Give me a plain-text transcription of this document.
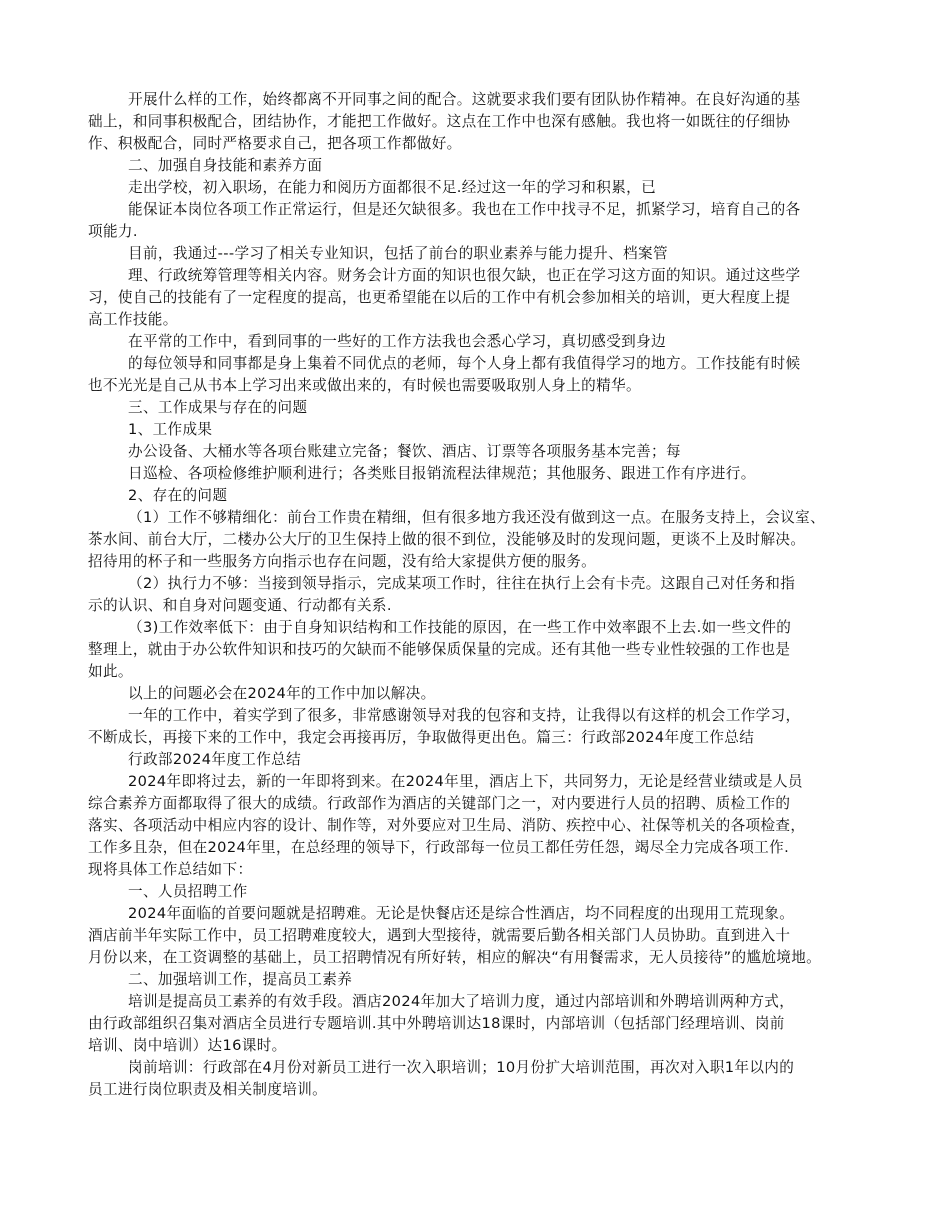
开展什么样的工作，始终都离不开同事之间的配合。这就要求我们要有团队协作精神。在良好沟通的基
础上，和同事积极配合，团结协作，才能把工作做好。这点在工作中也深有感触。我也将一如既往的仔细协
作、积极配合，同时严格要求自己，把各项工作都做好。
二、加强自身技能和素养方面
走出学校，初入职场，在能力和阅历方面都很不足.经过这一年的学习和积累，已
能保证本岗位各项工作正常运行，但是还欠缺很多。我也在工作中找寻不足，抓紧学习，培育自己的各
项能力.
目前，我通过---学习了相关专业知识，包括了前台的职业素养与能力提升、档案管
理、行政统筹管理等相关内容。财务会计方面的知识也很欠缺，也正在学习这方面的知识。通过这些学
习，使自己的技能有了一定程度的提高，也更希望能在以后的工作中有机会参加相关的培训，更大程度上提
高工作技能。
在平常的工作中，看到同事的一些好的工作方法我也会悉心学习，真切感受到身边
的每位领导和同事都是身上集着不同优点的老师，每个人身上都有我值得学习的地方。工作技能有时候
也不光光是自己从书本上学习出来或做出来的，有时候也需要吸取别人身上的精华。
三、工作成果与存在的问题
1、工作成果
办公设备、大桶水等各项台账建立完备；餐饮、酒店、订票等各项服务基本完善；每
日巡检、各项检修维护顺利进行；各类账目报销流程法律规范；其他服务、跟进工作有序进行。
2、存在的问题
（1）工作不够精细化：前台工作贵在精细，但有很多地方我还没有做到这一点。在服务支持上，会议室、
茶水间、前台大厅，二楼办公大厅的卫生保持上做的很不到位，没能够及时的发现问题，更谈不上及时解决。
招待用的杯子和一些服务方向指示也存在问题，没有给大家提供方便的服务。
（2）执行力不够：当接到领导指示，完成某项工作时，往往在执行上会有卡壳。这跟自己对任务和指
示的认识、和自身对问题变通、行动都有关系.
（3)工作效率低下：由于自身知识结构和工作技能的原因，在一些工作中效率跟不上去.如一些文件的
整理上，就由于办公软件知识和技巧的欠缺而不能够保质保量的完成。还有其他一些专业性较强的工作也是
如此。
以上的问题必会在2024年的工作中加以解决。
一年的工作中，着实学到了很多，非常感谢领导对我的包容和支持，让我得以有这样的机会工作学习，
不断成长，再接下来的工作中，我定会再接再厉，争取做得更出色。篇三：行政部2024年度工作总结
行政部2024年度工作总结
2024年即将过去，新的一年即将到来。在2024年里，酒店上下，共同努力，无论是经营业绩或是人员
综合素养方面都取得了很大的成绩。行政部作为酒店的关键部门之一，对内要进行人员的招聘、质检工作的
落实、各项活动中相应内容的设计、制作等，对外要应对卫生局、消防、疾控中心、社保等机关的各项检查，
工作多且杂，但在2024年里，在总经理的领导下，行政部每一位员工都任劳任怨，竭尽全力完成各项工作.
现将具体工作总结如下：
一、人员招聘工作
2024年面临的首要问题就是招聘难。无论是快餐店还是综合性酒店，均不同程度的出现用工荒现象。
酒店前半年实际工作中，员工招聘难度较大，遇到大型接待，就需要后勤各相关部门人员协助。直到进入十
月份以来，在工资调整的基础上，员工招聘情况有所好转，相应的解决“有用餐需求，无人员接待”的尴尬境地。
二、加强培训工作，提高员工素养
培训是提高员工素养的有效手段。酒店2024年加大了培训力度，通过内部培训和外聘培训两种方式，
由行政部组织召集对酒店全员进行专题培训.其中外聘培训达18课时，内部培训（包括部门经理培训、岗前
培训、岗中培训）达16课时。
岗前培训：行政部在4月份对新员工进行一次入职培训；10月份扩大培训范围，再次对入职1年以内的
员工进行岗位职责及相关制度培训。
